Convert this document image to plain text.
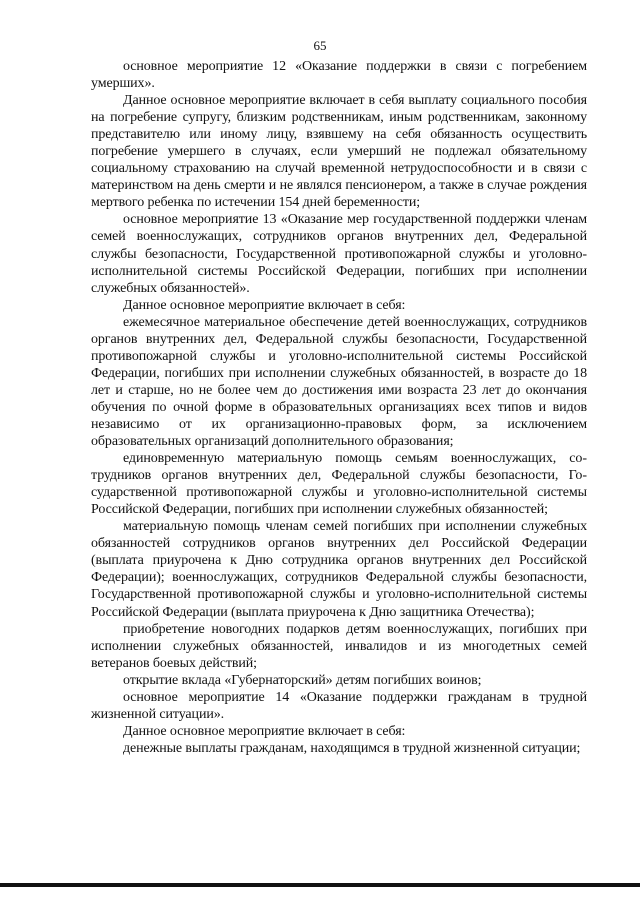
65

основное мероприятие 12 «Оказание поддержки в связи с погребением умерших».

Данное основное мероприятие включает в себя выплату социального пособия на погребение супругу, близким родственникам, иным родственникам, законному представителю или иному лицу, взявшему на себя обязанность осуществить погребение умершего в случаях, если умерший не подлежал обязательному социальному страхованию на случай временной нетрудоспособности и в связи с материнством на день смерти и не являлся пенсионером, а также в случае рождения мертвого ребенка по истечении 154 дней беременности;

основное мероприятие 13 «Оказание мер государственной поддержки членам семей военнослужащих, сотрудников органов внутренних дел, Федеральной службы безопасности, Государственной противопожарной службы и уголовно-исполнительной системы Российской Федерации, погибших при исполнении служебных обязанностей».

Данное основное мероприятие включает в себя:

ежемесячное материальное обеспечение детей военнослужащих, сотрудников органов внутренних дел, Федеральной службы безопасности, Государственной противопожарной службы и уголовно-исполнительной системы Российской Федерации, погибших при исполнении служебных обязанностей, в возрасте до 18 лет и старше, но не более чем до достижения ими возраста 23 лет до окончания обучения по очной форме в образовательных организациях всех типов и видов независимо от их организационно-правовых форм, за исключением образовательных организаций дополнительного образования;

единовременную материальную помощь семьям военнослужащих, сотрудников органов внутренних дел, Федеральной службы безопасности, Государственной противопожарной службы и уголовно-исполнительной системы Российской Федерации, погибших при исполнении служебных обязанностей;

материальную помощь членам семей погибших при исполнении служебных обязанностей сотрудников органов внутренних дел Российской Федерации (выплата приурочена к Дню сотрудника органов внутренних дел Российской Федерации); военнослужащих, сотрудников Федеральной службы безопасности, Государственной противопожарной службы и уголовно-исполнительной системы Российской Федерации (выплата приурочена к Дню защитника Отечества);

приобретение новогодних подарков детям военнослужащих, погибших при исполнении служебных обязанностей, инвалидов и из многодетных семей ветеранов боевых действий;

открытие вклада «Губернаторский» детям погибших воинов;

основное мероприятие 14 «Оказание поддержки гражданам в трудной жизненной ситуации».

Данное основное мероприятие включает в себя:

денежные выплаты гражданам, находящимся в трудной жизненной ситуации;
